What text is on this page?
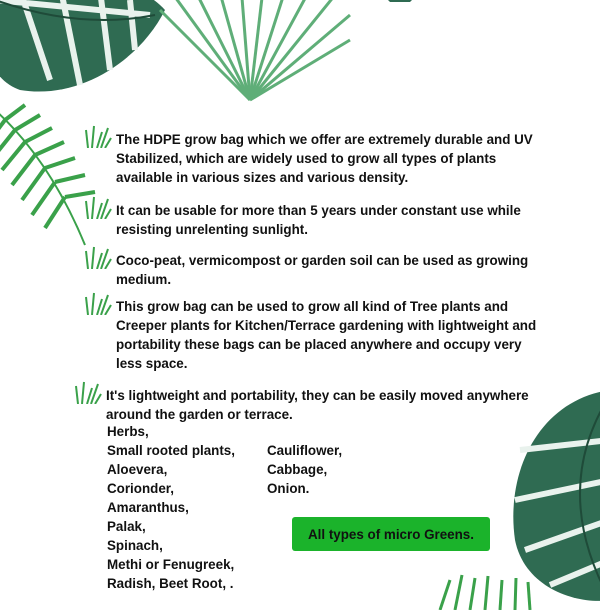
The HDPE grow bag which we offer are extremely durable and UV Stabilized, which are widely used to grow all types of plants available in various sizes and various density.
It can be usable for more than 5 years under constant use while resisting unrelenting sunlight.
Coco-peat, vermicompost or garden soil can be used as growing medium.
This grow bag can be used to grow all kind of Tree plants and Creeper plants for Kitchen/Terrace gardening with lightweight and portability these bags can be placed anywhere and occupy very less space.
It's lightweight and portability, they can be easily moved anywhere around the garden or terrace.
Herbs,
Small rooted plants,
Aloevera,
Corionder,
Amaranthus,
Palak,
Spinach,
Methi or Fenugreek,
Radish, Beet Root, .
Cauliflower,
Cabbage,
Onion.
All types of micro Greens.
